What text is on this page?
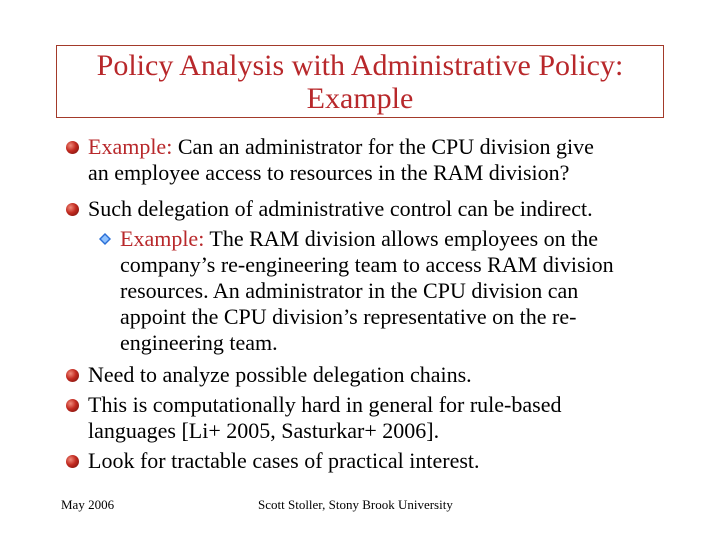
Policy Analysis with Administrative Policy:
Example
Example: Can an administrator for the CPU division give
an employee access to resources in the RAM division?
Such delegation of administrative control can be indirect.
Example: The RAM division allows employees on the
company’s re-engineering team to access RAM division
resources. An administrator in the CPU division can
appoint the CPU division’s representative on the re-
engineering team.
Need to analyze possible delegation chains.
This is computationally hard in general for rule-based
languages [Li+ 2005, Sasturkar+ 2006].
Look for tractable cases of practical interest.
May 2006	Scott Stoller, Stony Brook University
